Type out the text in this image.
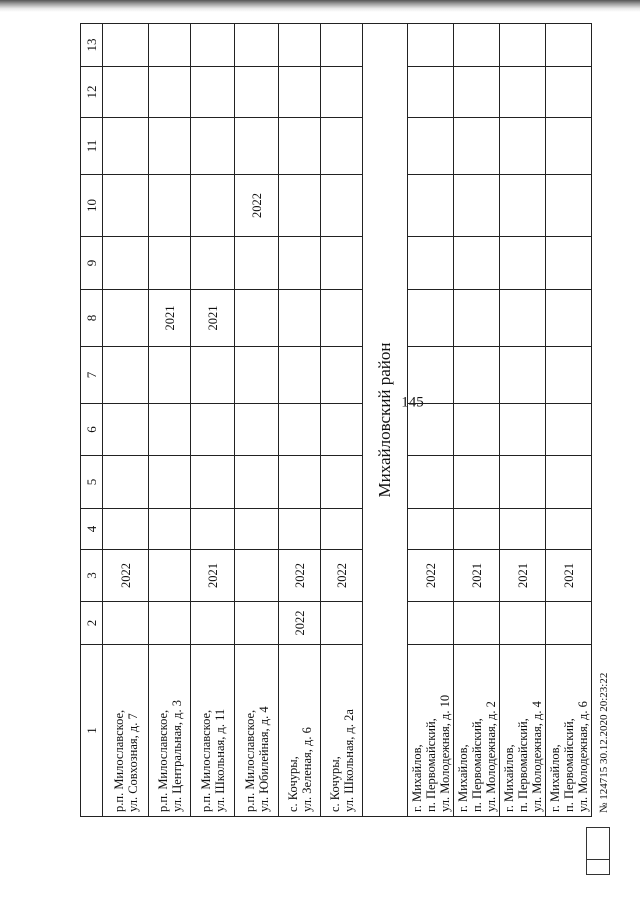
145
1	2	3	4	5	6	7	8	9	10	11	12	13

р.п. Милославское, ул. Совхозная, д. 7		2022										

р.п. Милославское, ул. Центральная, д. 3							2021					

р.п. Милославское, ул. Школьная, д. 11		2021					2021					

р.п. Милославское, ул. Юбилейная, д. 4									2022			

с. Кочуры, ул. Зеленая, д. 6	2022	2022										

с. Кочуры, ул. Школьная, д. 2а		2022										
Михайловский район												

г. Михайлов, п. Первомайский, ул. Молодежная, д. 10		2022										

г. Михайлов, п. Первомайский, ул. Молодежная, д. 2		2021										

г. Михайлов, п. Первомайский, ул. Молодежная, д. 4		2021										

г. Михайлов, п. Первомайский, ул. Молодежная, д. 6		2021										
№ 124715 30.12.2020 20:23:22
